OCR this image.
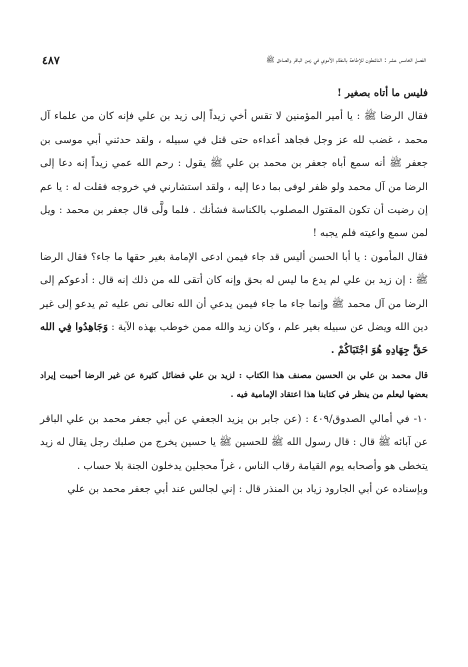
الفصل الخامس عشر : الناشطون للإطاحة بالنظام الأموي في زمن الباقر والصادق ﷺ
٤٨٧

فليس ما أتاه بصغير !

فقال الرضا ﷺ : يا أمير المؤمنين لا تقس أخي زيداً إلى زيد بن علي فإنه كان من علماء آل محمد ، غضب لله عز وجل فجاهد أعداءه حتى قتل في سبيله ، ولقد حدثني أبي موسى بن جعفر ﷺ أنه سمع أباه جعفر بن محمد بن علي ﷺ يقول : رحم الله عمي زيداً إنه دعا إلى الرضا من آل محمد ولو ظفر لوفى بما دعا إليه ، ولقد استشارني في خروجه فقلت له : يا عم إن رضيت أن تكون المقتول المصلوب بالكناسة فشأنك . فلما ولَّى قال جعفر بن محمد : ويل لمن سمع واعيته فلم يجبه !

فقال المأمون : يا أبا الحسن أليس قد جاء فيمن ادعى الإمامة بغير حقها ما جاء؟ فقال الرضا ﷺ : إن زيد بن علي لم يدع ما ليس له بحق وإنه كان أتقى لله من ذلك إنه قال : أدعوكم إلى الرضا من آل محمد ﷺ وإنما جاء ما جاء فيمن يدعي أن الله تعالى نص عليه ثم يدعو إلى غير دين الله ويضل عن سبيله بغير علم ، وكان زيد والله ممن خوطب بهذه الآية : وَجَاهِدُوا فِي الله حَقَّ جِهَادِهِ هُوَ اجْتَبَاكُمْ .

قال محمد بن علي بن الحسين مصنف هذا الكتاب : لزيد بن علي فضائل كثيرة عن غير الرضا أحببت إيراد بعضها ليعلم من ينظر في كتابنا هذا اعتقاد الإمامية فيه .

١٠- في أمالي الصدوق/٤٠٩ : (عن جابر بن يزيد الجعفي عن أبي جعفر محمد بن علي الباقر عن آبائه ﷺ قال : قال رسول الله ﷺ للحسين ﷺ يا حسين يخرج من صلبك رجل يقال له زيد يتخطى هو وأصحابه يوم القيامة رقاب الناس ، غراً محجلين يدخلون الجنة بلا حساب .

وبإسناده عن أبي الجارود زياد بن المنذر قال : إني لجالس عند أبي جعفر محمد بن علي
